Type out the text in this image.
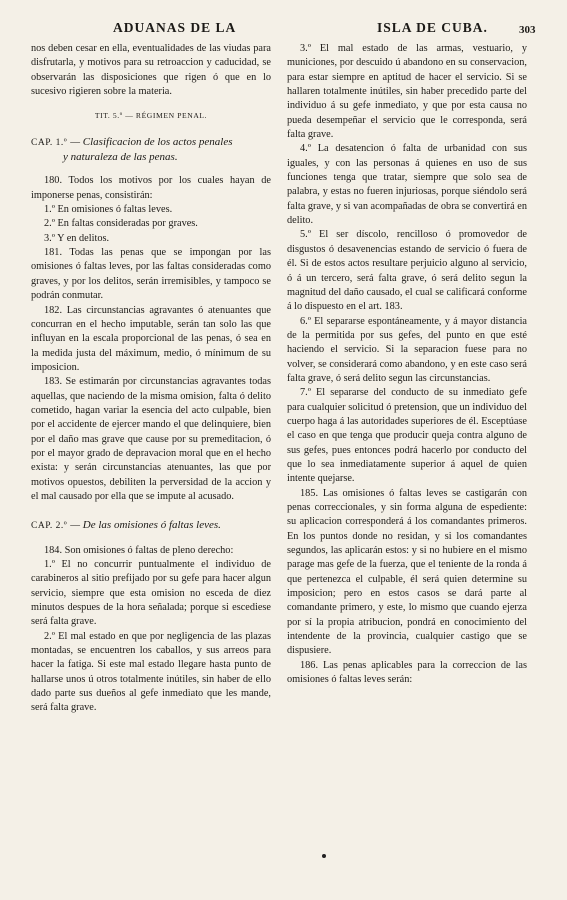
ADUANAS DE LA	ISLA DE CUBA.	303

nos deben cesar en ella, eventualidades de las viudas para disfrutarla, y motivos para su retroaccion y caducidad, se observarán las disposiciones que rigen ó que en lo sucesivo rigieren sobre la materia.

TIT. 5.º — RÉGIMEN PENAL.

CAP. 1.º — Clasificacion de los actos penales
y naturaleza de las penas.

180. Todos los motivos por los cuales hayan de imponerse penas, consistirán:

1.º En omisiones ó faltas leves.

2.º En faltas consideradas por graves.

3.º Y en delitos.

181. Todas las penas que se impongan por las omisiones ó faltas leves, por las faltas consideradas como graves, y por los delitos, serán irremisibles, y tampoco se podrán conmutar.

182. Las circunstancias agravantes ó atenuantes que concurran en el hecho imputable, serán tan solo las que influyan en la escala proporcional de las penas, ó sea en la medida justa del máximum, medio, ó mínimum de su imposicion.

183. Se estimarán por circunstancias agravantes todas aquellas, que naciendo de la misma omision, falta ó delito cometido, hagan variar la esencia del acto culpable, bien por el accidente de ejercer mando el que delinquiere, bien por el daño mas grave que cause por su premeditacion, ó por el mayor grado de depravacion moral que en el hecho exista: y serán circunstancias atenuantes, las que por motivos opuestos, debiliten la perversidad de la accion y el mal causado por ella que se impute al acusado.

CAP. 2.º — De las omisiones ó faltas leves.

184. Son omisiones ó faltas de pleno derecho:

1.º El no concurrir puntualmente el individuo de carabineros al sitio prefijado por su gefe para hacer algun servicio, siempre que esta omision no esceda de diez minutos despues de la hora señalada; porque si escediese será falta grave.

2.º El mal estado en que por negligencia de las plazas montadas, se encuentren los caballos, y sus arreos para hacer la fatiga. Si este mal estado llegare hasta punto de hallarse unos ú otros totalmente inútiles, sin haber de ello dado parte sus dueños al gefe inmediato que les mande, será falta grave.

3.º El mal estado de las armas, vestuario, y municiones, por descuido ú abandono en su conservacion, para estar siempre en aptitud de hacer el servicio. Si se hallaren totalmente inútiles, sin haber precedido parte del individuo á su gefe inmediato, y que por esta causa no pueda desempeñar el servicio que le corresponda, será falta grave.

4.º La desatencion ó falta de urbanidad con sus iguales, y con las personas á quienes en uso de sus funciones tenga que tratar, siempre que solo sea de palabra, y estas no fueren injuriosas, porque siéndolo será falta grave, y si van acompañadas de obra se convertirá en delito.

5.º El ser díscolo, rencilloso ó promovedor de disgustos ó desavenencias estando de servicio ó fuera de él. Si de estos actos resultare perjuicio alguno al servicio, ó á un tercero, será falta grave, ó será delito segun la magnitud del daño causado, el cual se calificará conforme á lo dispuesto en el art. 183.

6.º El separarse espontáneamente, y á mayor distancia de la permitida por sus gefes, del punto en que esté haciendo el servicio. Si la separacion fuese para no volver, se considerará como abandono, y en este caso será falta grave, ó será delito segun las circunstancias.

7.º El separarse del conducto de su inmediato gefe para cualquier solicitud ó pretension, que un individuo del cuerpo haga á las autoridades superiores de él. Esceptúase el caso en que tenga que producir queja contra alguno de sus gefes, pues entonces podrá hacerlo por conducto del que lo sea inmediatamente superior á aquel de quien intente quejarse.

185. Las omisiones ó faltas leves se castigarán con penas correccionales, y sin forma alguna de espediente: su aplicacion corresponderá á los comandantes primeros. En los puntos donde no residan, y si los comandantes segundos, las aplicarán estos: y si no hubiere en el mismo parage mas gefe de la fuerza, que el teniente de la ronda á que pertenezca el culpable, él será quien determine su imposicion; pero en estos casos se dará parte al comandante primero, y este, lo mismo que cuando ejerza por sí la propia atribucion, pondrá en conocimiento del intendente de la provincia, cualquier castigo que se dispusiere.

186. Las penas aplicables para la correccion de las omisiones ó faltas leves serán:
